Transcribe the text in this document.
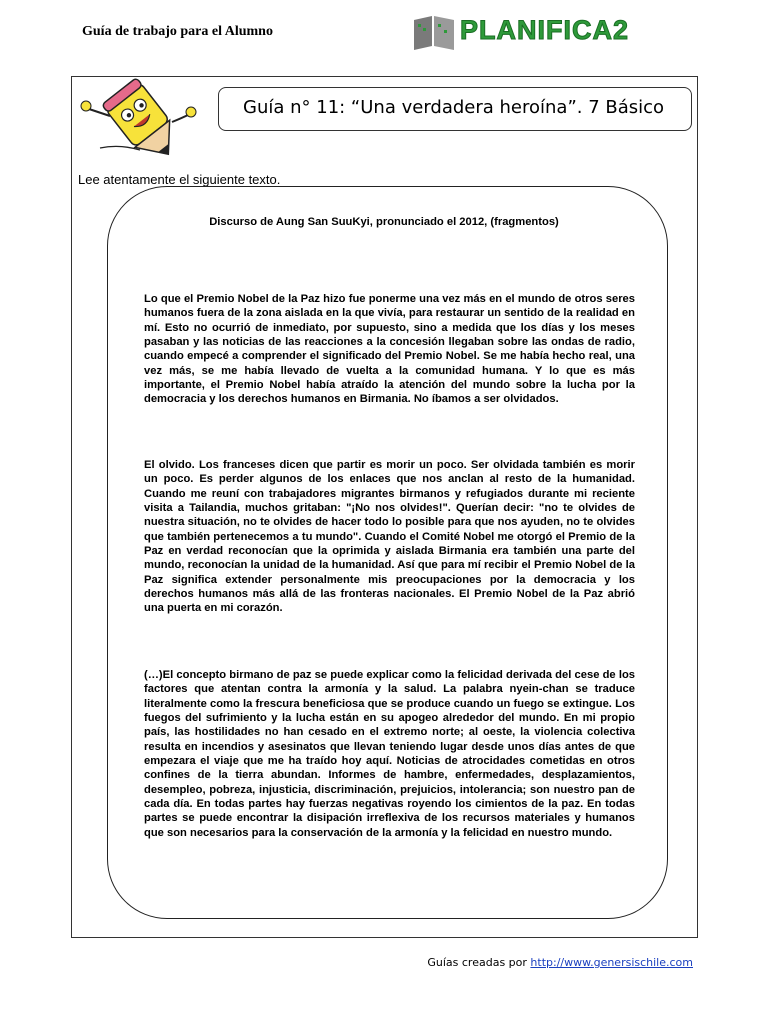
Guía de trabajo para el Alumno	PLANIFICA2
Guía n° 11: “Una verdadera heroína”. 7 Básico
Lee atentamente el siguiente texto.
Discurso de Aung San SuuKyi, pronunciado el 2012, (fragmentos)
Lo que el Premio Nobel de la Paz hizo fue ponerme una vez más en el mundo de otros seres humanos fuera de la zona aislada en la que vivía, para restaurar un sentido de la realidad en mí. Esto no ocurrió de inmediato, por supuesto, sino a medida que los días y los meses pasaban y las noticias de las reacciones a la concesión llegaban sobre las ondas de radio, cuando empecé a comprender el significado del Premio Nobel. Se me había hecho real, una vez más, se me había llevado de vuelta a la comunidad humana. Y lo que es más importante, el Premio Nobel había atraído la atención del mundo sobre la lucha por la democracia y los derechos humanos en Birmania. No íbamos a ser olvidados.
El olvido. Los franceses dicen que partir es morir un poco. Ser olvidada también es morir un poco. Es perder algunos de los enlaces que nos anclan al resto de la humanidad. Cuando me reuní con trabajadores migrantes birmanos y refugiados durante mi reciente visita a Tailandia, muchos gritaban: "¡No nos olvides!". Querían decir: "no te olvides de nuestra situación, no te olvides de hacer todo lo posible para que nos ayuden, no te olvides que también pertenecemos a tu mundo". Cuando el Comité Nobel me otorgó el Premio de la Paz en verdad reconocían que la oprimida y aislada Birmania era también una parte del mundo, reconocían la unidad de la humanidad. Así que para mí recibir el Premio Nobel de la Paz significa extender personalmente mis preocupaciones por la democracia y los derechos humanos más allá de las fronteras nacionales. El Premio Nobel de la Paz abrió una puerta en mi corazón.
(…)El concepto birmano de paz se puede explicar como la felicidad derivada del cese de los factores que atentan contra la armonía y la salud. La palabra nyein-chan se traduce literalmente como la frescura beneficiosa que se produce cuando un fuego se extingue. Los fuegos del sufrimiento y la lucha están en su apogeo alrededor del mundo. En mi propio país, las hostilidades no han cesado en el extremo norte; al oeste, la violencia colectiva resulta en incendios y asesinatos que llevan teniendo lugar desde unos días antes de que empezara el viaje que me ha traído hoy aquí. Noticias de atrocidades cometidas en otros confines de la tierra abundan. Informes de hambre, enfermedades, desplazamientos, desempleo, pobreza, injusticia, discriminación, prejuicios, intolerancia; son nuestro pan de cada día. En todas partes hay fuerzas negativas royendo los cimientos de la paz. En todas partes se puede encontrar la disipación irreflexiva de los recursos materiales y humanos que son necesarios para la conservación de la armonía y la felicidad en nuestro mundo.
Guías creadas por http://www.genersischile.com
